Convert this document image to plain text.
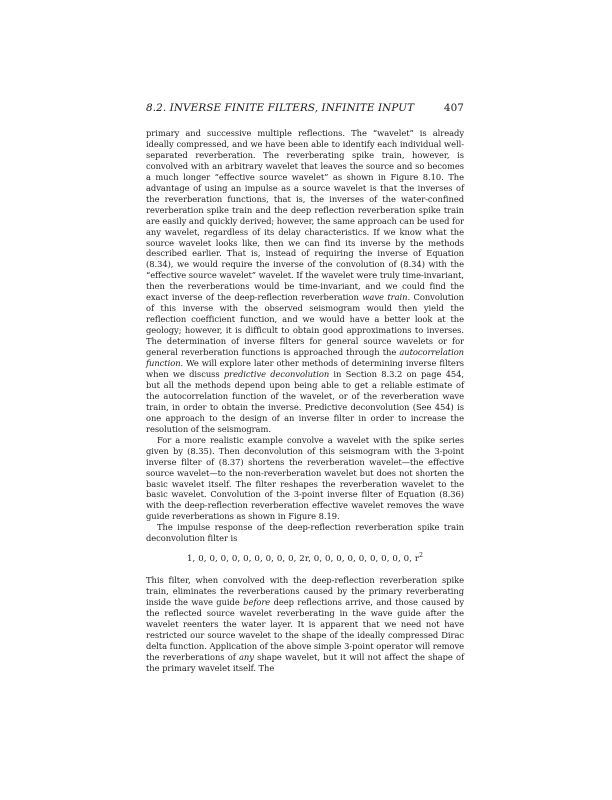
8.2. INVERSE FINITE FILTERS, INFINITE INPUT	407

primary and successive multiple reflections. The “wavelet” is already ideally compressed, and we have been able to identify each individual well-separated reverberation. The reverberating spike train, however, is convolved with an arbitrary wavelet that leaves the source and so becomes a much longer “effective source wavelet” as shown in Figure 8.10. The advantage of using an impulse as a source wavelet is that the inverses of the reverberation functions, that is, the inverses of the water-confined reverberation spike train and the deep reflection reverberation spike train are easily and quickly derived; however, the same approach can be used for any wavelet, regardless of its delay characteristics. If we know what the source wavelet looks like, then we can find its inverse by the methods described earlier. That is, instead of requiring the inverse of Equation (8.34), we would require the inverse of the convolution of (8.34) with the “effective source wavelet” wavelet. If the wavelet were truly time-invariant, then the reverberations would be time-invariant, and we could find the exact inverse of the deep-reflection reverberation wave train. Convolution of this inverse with the observed seismogram would then yield the reflection coefficient function, and we would have a better look at the geology; however, it is difficult to obtain good approximations to inverses. The determination of inverse filters for general source wavelets or for general reverberation functions is approached through the autocorrelation function. We will explore later other methods of determining inverse filters when we discuss predictive deconvolution in Section 8.3.2 on page 454, but all the methods depend upon being able to get a reliable estimate of the autocorrelation function of the wavelet, or of the reverberation wave train, in order to obtain the inverse. Predictive deconvolution (See 454) is one approach to the design of an inverse filter in order to increase the resolution of the seismogram.

For a more realistic example convolve a wavelet with the spike series given by (8.35). Then deconvolution of this seismogram with the 3-point inverse filter of (8.37) shortens the reverberation wavelet—the effective source wavelet—to the non-reverberation wavelet but does not shorten the basic wavelet itself. The filter reshapes the reverberation wavelet to the basic wavelet. Convolution of the 3-point inverse filter of Equation (8.36) with the deep-reflection reverberation effective wavelet removes the wave guide reverberations as shown in Figure 8.19.

The impulse response of the deep-reflection reverberation spike train deconvolution filter is

1, 0, 0, 0, 0, 0, 0, 0, 0, 0, 2r, 0, 0, 0, 0, 0, 0, 0, 0, 0, $r^2$

This filter, when convolved with the deep-reflection reverberation spike train, eliminates the reverberations caused by the primary reverberating inside the wave guide before deep reflections arrive, and those caused by the reflected source wavelet reverberating in the wave guide after the wavelet reenters the water layer. It is apparent that we need not have restricted our source wavelet to the shape of the ideally compressed Dirac delta function. Application of the above simple 3-point operator will remove the reverberations of any shape wavelet, but it will not affect the shape of the primary wavelet itself. The
